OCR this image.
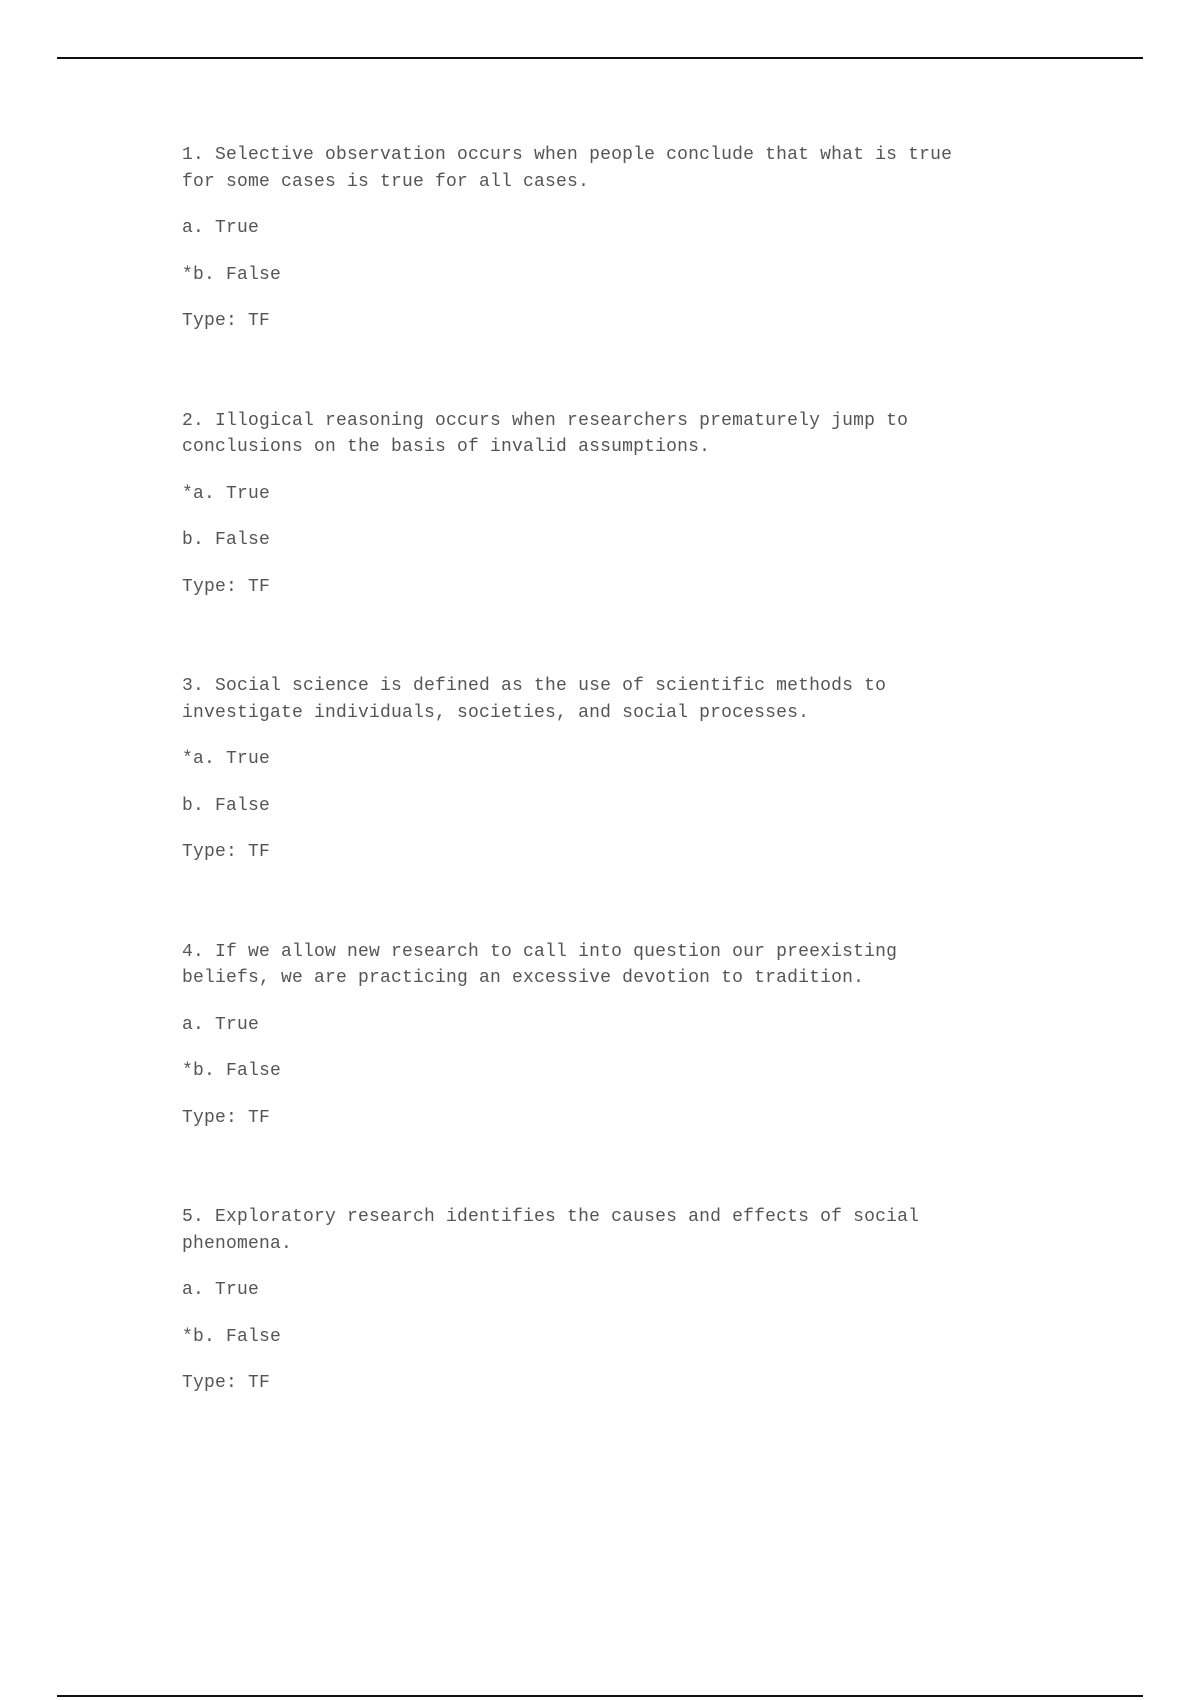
1. Selective observation occurs when people conclude that what is true
for some cases is true for all cases.

a. True

*b. False

Type: TF

2. Illogical reasoning occurs when researchers prematurely jump to
conclusions on the basis of invalid assumptions.

*a. True

b. False

Type: TF

3. Social science is defined as the use of scientific methods to
investigate individuals, societies, and social processes.

*a. True

b. False

Type: TF

4. If we allow new research to call into question our preexisting
beliefs, we are practicing an excessive devotion to tradition.

a. True

*b. False

Type: TF

5. Exploratory research identifies the causes and effects of social
phenomena.

a. True

*b. False

Type: TF
